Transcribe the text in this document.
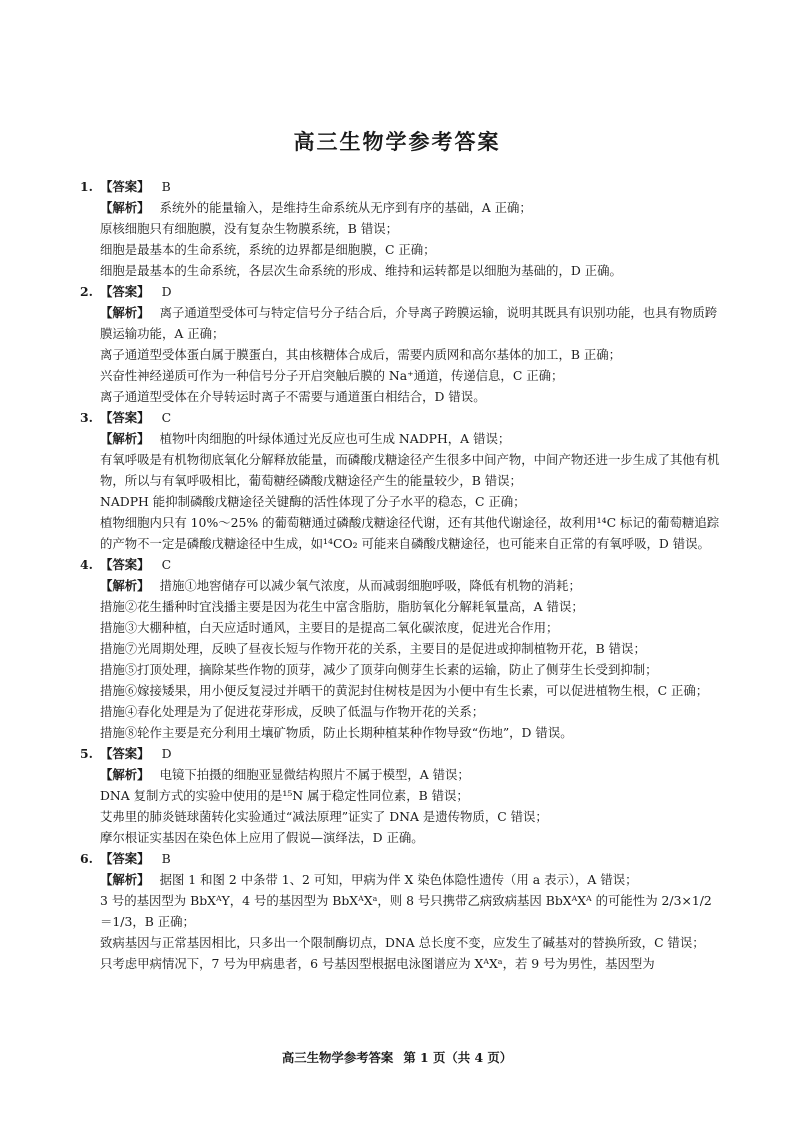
高三生物学参考答案
1. 【答案】 B
【解析】 系统外的能量输入，是维持生命系统从无序到有序的基础，A 正确；
原核细胞只有细胞膜，没有复杂生物膜系统，B 错误；
细胞是最基本的生命系统，系统的边界都是细胞膜，C 正确；
细胞是最基本的生命系统，各层次生命系统的形成、维持和运转都是以细胞为基础的，D 正确。
2. 【答案】 D
【解析】 离子通道型受体可与特定信号分子结合后，介导离子跨膜运输，说明其既具有识别功能，也具有物质跨膜运输功能，A 正确；
离子通道型受体蛋白属于膜蛋白，其由核糖体合成后，需要内质网和高尔基体的加工，B 正确；
兴奋性神经递质可作为一种信号分子开启突触后膜的 Na⁺通道，传递信息，C 正确；
离子通道型受体在介导转运时离子不需要与通道蛋白相结合，D 错误。
3. 【答案】 C
【解析】 植物叶肉细胞的叶绿体通过光反应也可生成 NADPH，A 错误；
有氧呼吸是有机物彻底氧化分解释放能量，而磷酸戊糖途径产生很多中间产物，中间产物还进一步生成了其他有机物，所以与有氧呼吸相比，葡萄糖经磷酸戊糖途径产生的能量较少，B 错误；
NADPH 能抑制磷酸戊糖途径关键酶的活性体现了分子水平的稳态，C 正确；
植物细胞内只有 10%～25% 的葡萄糖通过磷酸戊糖途径代谢，还有其他代谢途径，故利用¹⁴C 标记的葡萄糖追踪的产物不一定是磷酸戊糖途径中生成，如¹⁴CO₂ 可能来自磷酸戊糖途径，也可能来自正常的有氧呼吸，D 错误。
4. 【答案】 C
【解析】 措施①地窖储存可以减少氧气浓度，从而减弱细胞呼吸，降低有机物的消耗；
措施②花生播种时宜浅播主要是因为花生中富含脂肪，脂肪氧化分解耗氧量高，A 错误；
措施③大棚种植，白天应适时通风，主要目的是提高二氧化碳浓度，促进光合作用；
措施⑦光周期处理，反映了昼夜长短与作物开花的关系，主要目的是促进或抑制植物开花，B 错误；
措施⑤打顶处理，摘除某些作物的顶芽，减少了顶芽向侧芽生长素的运输，防止了侧芽生长受到抑制；
措施⑥嫁接矮果，用小便反复浸过并晒干的黄泥封住树枝是因为小便中有生长素，可以促进植物生根，C 正确；
措施④春化处理是为了促进花芽形成，反映了低温与作物开花的关系；
措施⑧轮作主要是充分利用土壤矿物质，防止长期种植某种作物导致“伤地”，D 错误。
5. 【答案】 D
【解析】 电镜下拍摄的细胞亚显微结构照片不属于模型，A 错误；
DNA 复制方式的实验中使用的是¹⁵N 属于稳定性同位素，B 错误；
艾弗里的肺炎链球菌转化实验通过“减法原理”证实了 DNA 是遗传物质，C 错误；
摩尔根证实基因在染色体上应用了假说—演绎法，D 正确。
6. 【答案】 B
【解析】 据图 1 和图 2 中条带 1、2 可知，甲病为伴 X 染色体隐性遗传（用 a 表示），A 错误；
3 号的基因型为 BbXᴬY，4 号的基因型为 BbXᴬXᵃ，则 8 号只携带乙病致病基因 BbXᴬXᴬ 的可能性为 2/3×1/2＝1/3，B 正确；
致病基因与正常基因相比，只多出一个限制酶切点，DNA 总长度不变，应发生了碱基对的替换所致，C 错误；
只考虑甲病情况下，7 号为甲病患者，6 号基因型根据电泳图谱应为 XᴬXᵃ，若 9 号为男性，基因型为
高三生物学参考答案 第 1 页（共 4 页）
